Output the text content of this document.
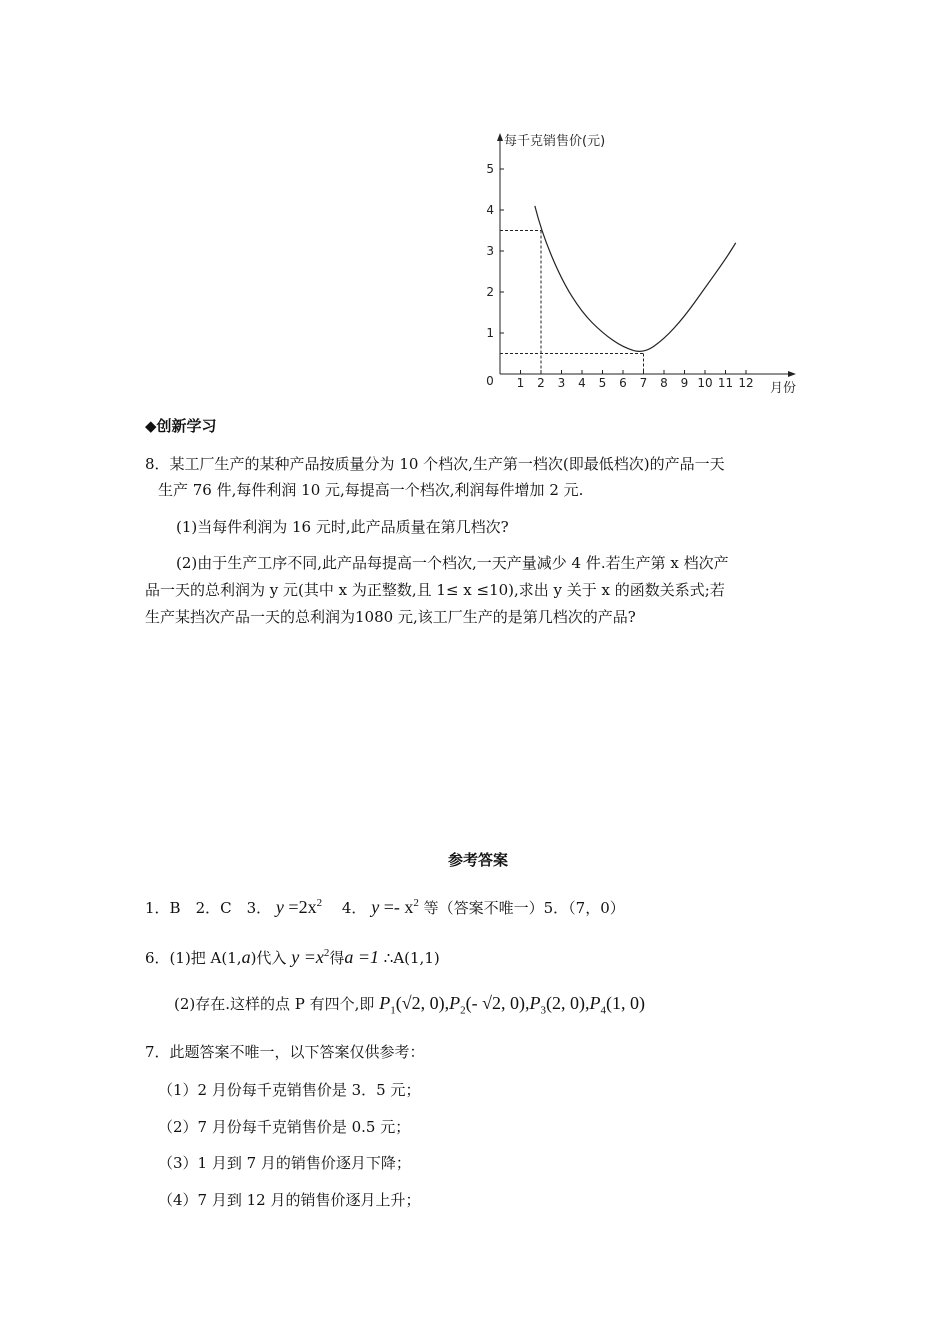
每千克销售价(元)
月份
0 1 2 3 4 5 6 7 8 9 10 11 12
1
2
3
4
5
◆创新学习
8．某工厂生产的某种产品按质量分为 10 个档次,生产第一档次(即最低档次)的产品一天
生产 76 件,每件利润 10 元,每提高一个档次,利润每件增加 2 元.
(1)当每件利润为 16 元时,此产品质量在第几档次?
(2)由于生产工序不同,此产品每提高一个档次,一天产量减少 4 件.若生产第 x 档次产
品一天的总利润为 y 元(其中 x 为正整数,且 1≤ x ≤10),求出 y 关于 x 的函数关系式;若
生产某挡次产品一天的总利润为1080 元,该工厂生产的是第几档次的产品?
参考答案
1．B　2．C　3． $y =2x^2$ 　4． $y =- x^2$ 等（答案不唯一）5．（7，0）
6．(1)把 A(1,a)代入 $y =x^2$得a =1 ∴A(1,1)
(2)存在.这样的点 P 有四个,即 $P_1(√2$, $0),P_2(-$ √2, $0),P_3(2$, $0),P_4(1$, 0)
7．此题答案不唯一，以下答案仅供参考：
（1）2 月份每千克销售价是 3．5 元；
（2）7 月份每千克销售价是 0.5 元；
（3）1 月到 7 月的销售价逐月下降；
（4）7 月到 12 月的销售价逐月上升；
